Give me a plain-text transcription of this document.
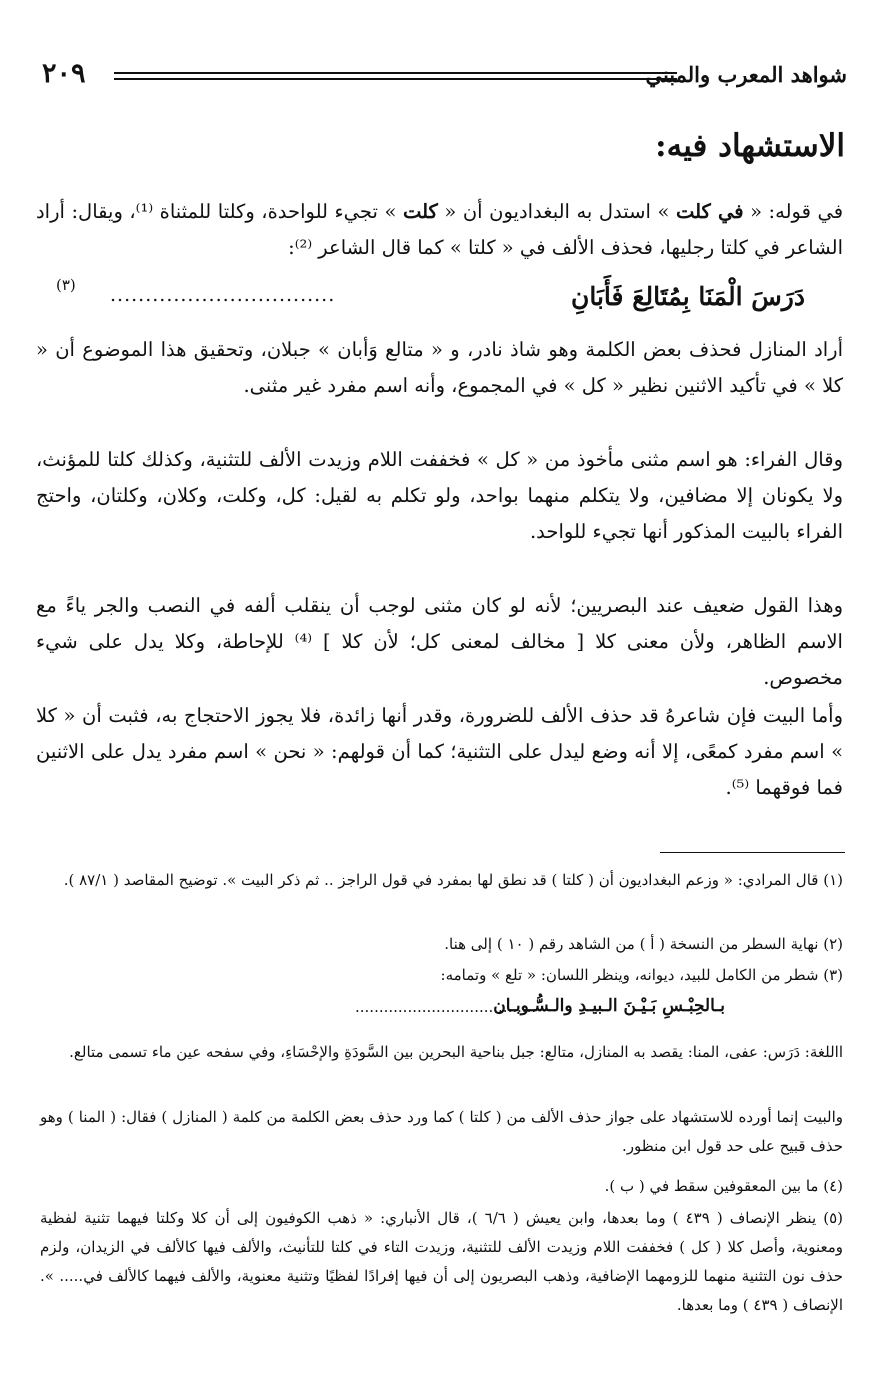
شواهد المعرب والمبني
٢٠٩
الاستشهاد فيه:

في قوله: « في كلت » استدل به البغداديون أن « كلت » تجيء للواحدة، وكلتا للمثناة ⁽¹⁾، ويقال: أراد الشاعر في كلتا رجليها، فحذف الألف في « كلتا » كما قال الشاعر ⁽²⁾:

دَرَسَ الْمَنَا بِمُتَالِعَ فَأَبَانِ
................................
(٣)

أراد المنازل فحذف بعض الكلمة وهو شاذ نادر، و « متالع وَأبان » جبلان، وتحقيق هذا الموضوع أن « كلا » في تأكيد الاثنين نظير « كل » في المجموع، وأنه اسم مفرد غير مثنى.

وقال الفراء: هو اسم مثنى مأخوذ من « كل » فخففت اللام وزيدت الألف للتثنية، وكذلك كلتا للمؤنث، ولا يكونان إلا مضافين، ولا يتكلم منهما بواحد، ولو تكلم به لقيل: كل، وكلت، وكلان، وكلتان، واحتج الفراء بالبيت المذكور أنها تجيء للواحد.

وهذا القول ضعيف عند البصريين؛ لأنه لو كان مثنى لوجب أن ينقلب ألفه في النصب والجر ياءً مع الاسم الظاهر، ولأن معنى كلا [ مخالف لمعنى كل؛ لأن كلا ] ⁽⁴⁾ للإحاطة، وكلا يدل على شيء مخصوص.

وأما البيت فإن شاعرهُ قد حذف الألف للضرورة، وقدر أنها زائدة، فلا يجوز الاحتجاج به، فثبت أن « كلا » اسم مفرد كمعًى، إلا أنه وضع ليدل على التثنية؛ كما أن قولهم: « نحن » اسم مفرد يدل على الاثنين فما فوقهما ⁽⁵⁾.

(١) قال المرادي: « وزعم البغداديون أن ( كلتا ) قد نطق لها بمفرد في قول الراجز .. ثم ذكر البيت ». توضيح المقاصد ( ٨٧/١ ).

(٢) نهاية السطر من النسخة ( أ ) من الشاهد رقم ( ١٠ ) إلى هنا.

(٣) شطر من الكامل للبيد، ديوانه، وينظر اللسان: « تلع » وتمامه:

بـالحِبْـسِ بَـيْـنَ الـبيـدِ والـسُّـوبـان
......................................

االلغة: دَرَس: عفى، المنا: يقصد به المنازل، متالع: جبل بناحية البحرين بين السَّودَةِ والإحْسَاءِ، وفي سفحه عين ماء تسمى متالع.

والبيت إنما أورده للاستشهاد على جواز حذف الألف من ( كلتا ) كما ورد حذف بعض الكلمة من كلمة ( المنازل ) فقال: ( المنا ) وهو حذف قبيح على حد قول ابن منظور.

(٤) ما بين المعقوفين سقط في ( ب ).

(٥) ينظر الإنصاف ( ٤٣٩ ) وما بعدها، وابن يعيش ( ٦/٦ )، قال الأنباري: « ذهب الكوفيون إلى أن كلا وكلتا فيهما تثنية لفظية ومعنوية، وأصل كلا ( كل ) فخففت اللام وزيدت الألف للتثنية، وزيدت التاء في كلتا للتأنيث، والألف فيها كالألف في الزيدان، ولزم حذف نون التثنية منهما للزومهما الإضافية، وذهب البصريون إلى أن فيها إفرادًا لفظيًا وتثنية معنوية، والألف فيهما كالألف في..... ». الإنصاف ( ٤٣٩ ) وما بعدها.
